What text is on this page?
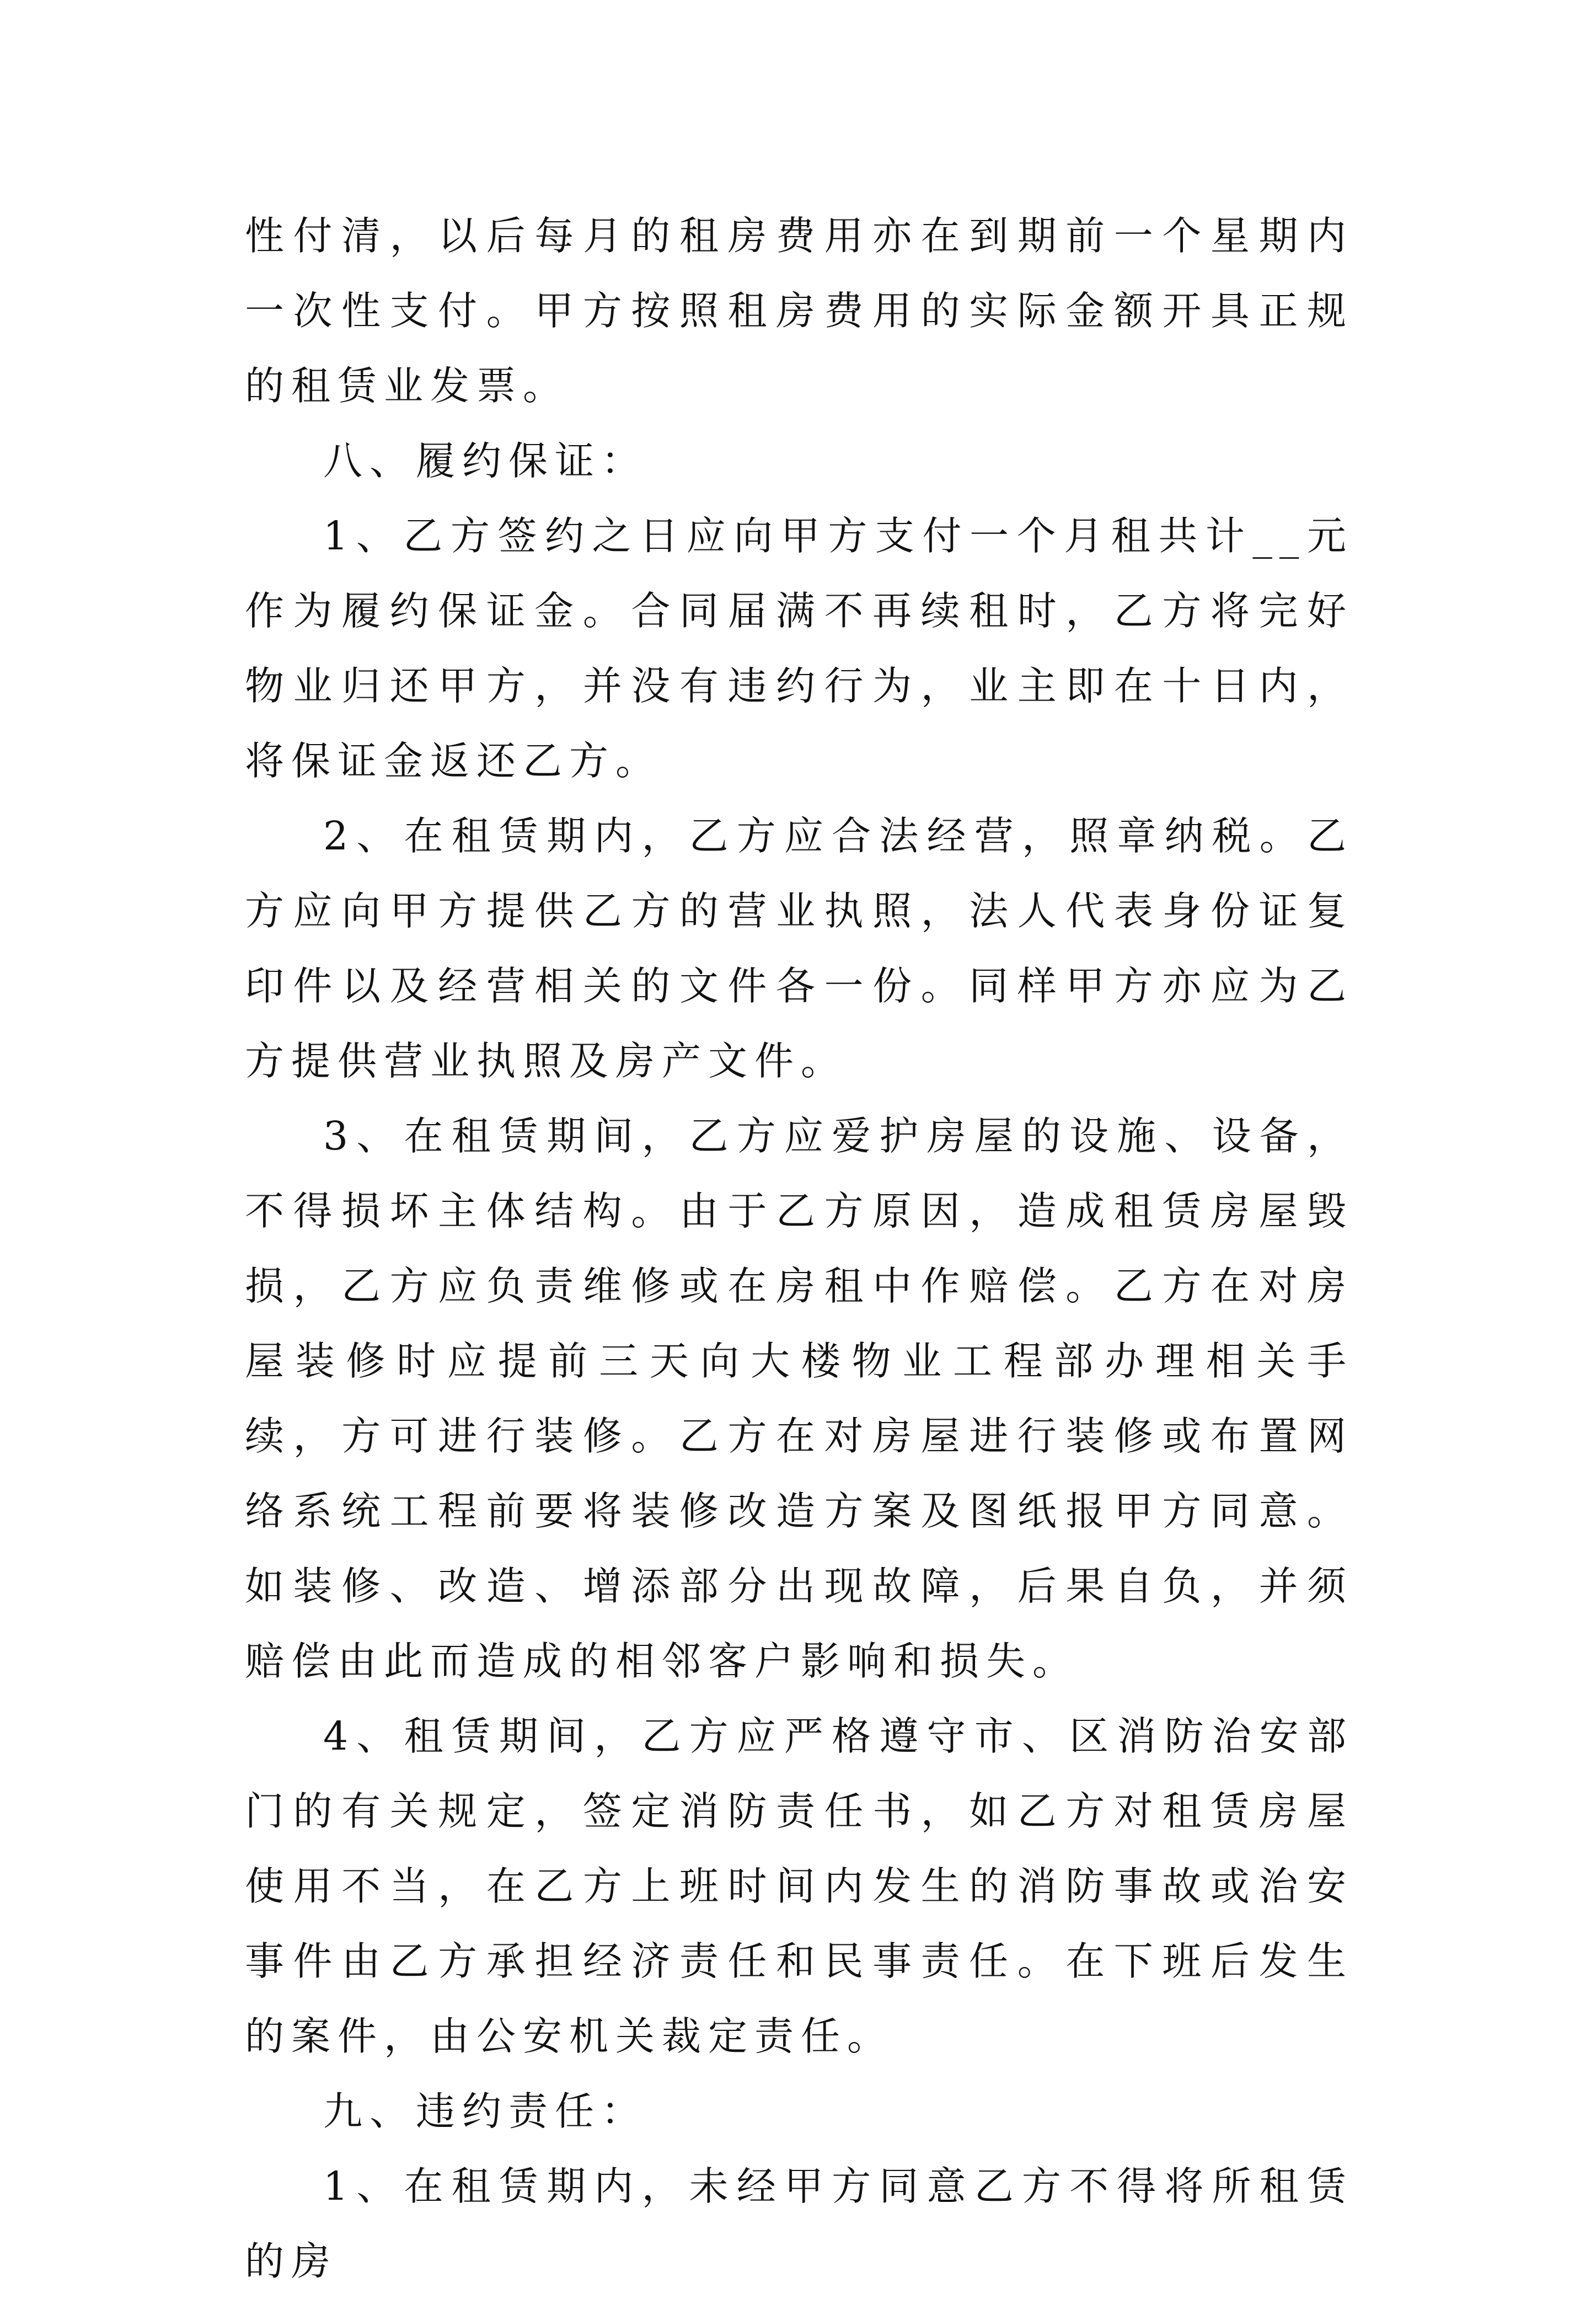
性付清，以后每月的租房费用亦在到期前一个星期内一次性支付。甲方按照租房费用的实际金额开具正规的租赁业发票。

八、履约保证：

1、乙方签约之日应向甲方支付一个月租共计__元作为履约保证金。合同届满不再续租时，乙方将完好物业归还甲方，并没有违约行为，业主即在十日内，将保证金返还乙方。

2、在租赁期内，乙方应合法经营，照章纳税。乙方应向甲方提供乙方的营业执照，法人代表身份证复印件以及经营相关的文件各一份。同样甲方亦应为乙方提供营业执照及房产文件。

3、在租赁期间，乙方应爱护房屋的设施、设备，不得损坏主体结构。由于乙方原因，造成租赁房屋毁损，乙方应负责维修或在房租中作赔偿。乙方在对房屋装修时应提前三天向大楼物业工程部办理相关手续，方可进行装修。乙方在对房屋进行装修或布置网络系统工程前要将装修改造方案及图纸报甲方同意。如装修、改造、增添部分出现故障，后果自负，并须赔偿由此而造成的相邻客户影响和损失。

4、租赁期间，乙方应严格遵守市、区消防治安部门的有关规定，签定消防责任书，如乙方对租赁房屋使用不当，在乙方上班时间内发生的消防事故或治安事件由乙方承担经济责任和民事责任。在下班后发生的案件，由公安机关裁定责任。

九、违约责任：

1、在租赁期内，未经甲方同意乙方不得将所租赁的房
